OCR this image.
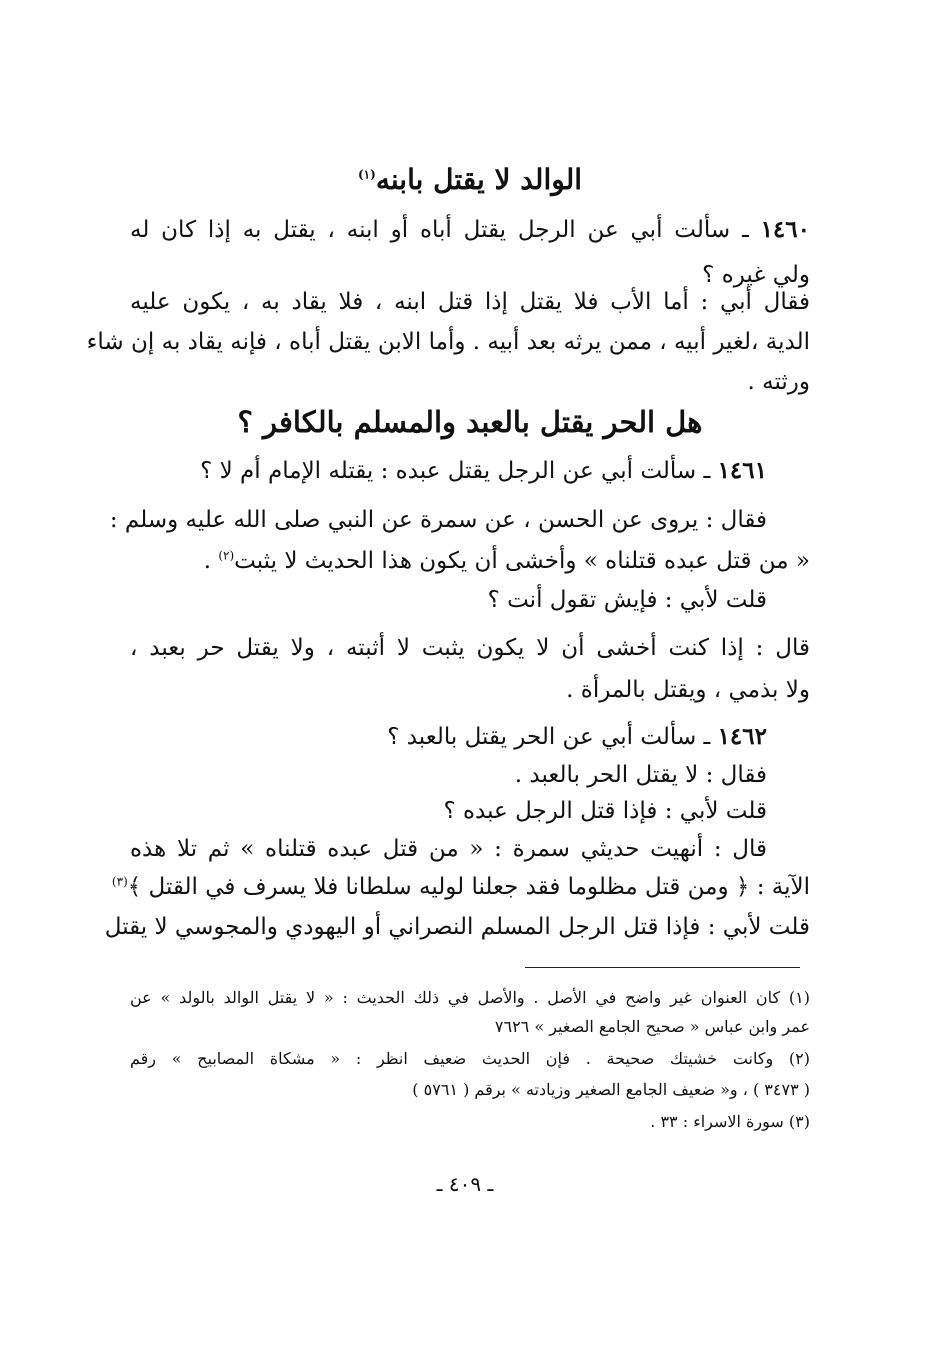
الوالد لا يقتل بابنه$^{(١)}$
١٤٦٠ ـ سألت أبي عن الرجل يقتل أباه أو ابنه ، يقتل به إذا كان له
ولي غيره ؟
فقال أبي : أما الأب فلا يقتل إذا قتل ابنه ، فلا يقاد به ، يكون عليه
الدية ،لغير أبيه ، ممن يرثه بعد أبيه . وأما الابن يقتل أباه ، فإنه يقاد به إن شاء
ورثته .
هل الحر يقتل بالعبد والمسلم بالكافر ؟
١٤٦١ ـ سألت أبي عن الرجل يقتل عبده : يقتله الإمام أم لا ؟
فقال : يروى عن الحسن ، عن سمرة عن النبي صلى الله عليه وسلم :
« من قتل عبده قتلناه » وأخشى أن يكون هذا الحديث لا يثبت$^{(٢)}$ .
قلت لأبي : فإيش تقول أنت ؟
قال : إذا كنت أخشى أن لا يكون يثبت لا أثبته ، ولا يقتل حر بعبد ،
ولا بذمي ، ويقتل بالمرأة .
١٤٦٢ ـ سألت أبي عن الحر يقتل بالعبد ؟
فقال : لا يقتل الحر بالعبد .
قلت لأبي : فإذا قتل الرجل عبده ؟
قال : أنهيت حديثي سمرة : « من قتل عبده قتلناه » ثم تلا هذه
الآية : ﴿ ومن قتل مظلوما فقد جعلنا لوليه سلطانا فلا يسرف في القتل ﴾$^{(٣)}$
قلت لأبي : فإذا قتل الرجل المسلم النصراني أو اليهودي والمجوسي لا يقتل
(١) كان العنوان غير واضح في الأصل . والأصل في ذلك الحديث : « لا يقتل الوالد بالولد » عن
عمر وابن عباس « صحيح الجامع الصغير » ٧٦٢٦
(٢) وكانت خشيتك صحيحة . فإن الحديث ضعيف انظر : « مشكاة المصابيح » رقم
( ٣٤٧٣ ) ، و« ضعيف الجامع الصغير وزيادته » برقم ( ٥٧٦١ )
(٣) سورة الاسراء : ٣٣ .
ـ ٤٠٩ ـ
